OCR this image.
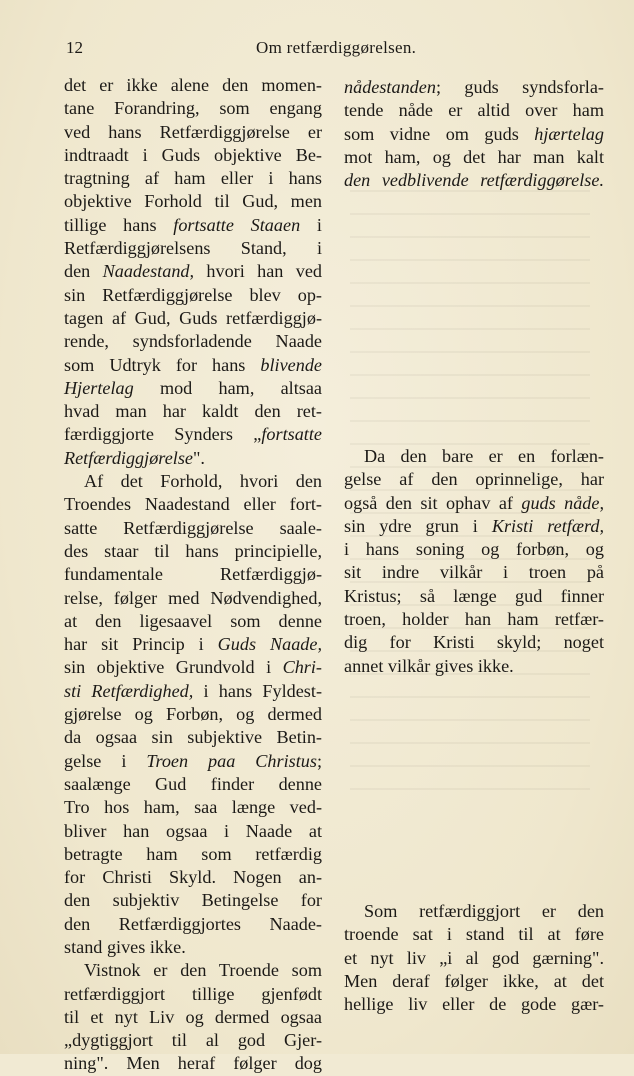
12	Om retfærdiggørelsen.
det er ikke alene den momen-
tane Forandring, som engang
ved hans Retfærdiggjørelse er
indtraadt i Guds objektive Be-
tragtning af ham eller i hans
objektive Forhold til Gud, men
tillige hans fortsatte Staaen i
Retfærdiggjørelsens Stand, i
den Naadestand, hvori han ved
sin Retfærdiggjørelse blev op-
tagen af Gud, Guds retfærdiggjø-
rende, syndsforladende Naade
som Udtryk for hans blivende
Hjertelag mod ham, altsaa
hvad man har kaldt den ret-
færdiggjorte Synders „fortsatte
Retfærdiggjørelse".
Af det Forhold, hvori den
Troendes Naadestand eller fort-
satte Retfærdiggjørelse saale-
des staar til hans principielle,
fundamentale Retfærdiggjø-
relse, følger med Nødvendighed,
at den ligesaavel som denne
har sit Princip i Guds Naade,
sin objektive Grundvold i Chri-
sti Retfærdighed, i hans Fyldest-
gjørelse og Forbøn, og dermed
da ogsaa sin subjektive Betin-
gelse i Troen paa Christus;
saalænge Gud finder denne
Tro hos ham, saa længe ved-
bliver han ogsaa i Naade at
betragte ham som retfærdig
for Christi Skyld. Nogen an-
den subjektiv Betingelse for
den Retfærdiggjortes Naade-
stand gives ikke.
Vistnok er den Troende som
retfærdiggjort tillige gjenfødt
til et nyt Liv og dermed ogsaa
„dygtiggjort til al god Gjer-
ning". Men heraf følger dog
nådestanden; guds syndsforla-
tende nåde er altid over ham
som vidne om guds hjærtelag
mot ham, og det har man kalt
den vedblivende retfærdiggørelse.
Da den bare er en forlæn-
gelse af den oprinnelige, har
også den sit ophav af guds nåde,
sin ydre grun i Kristi retfærd,
i hans soning og forbøn, og
sit indre vilkår i troen på
Kristus; så længe gud finner
troen, holder han ham retfær-
dig for Kristi skyld; noget
annet vilkår gives ikke.
Som retfærdiggjort er den
troende sat i stand til at føre
et nyt liv „i al god gærning".
Men deraf følger ikke, at det
hellige liv eller de gode gær-
